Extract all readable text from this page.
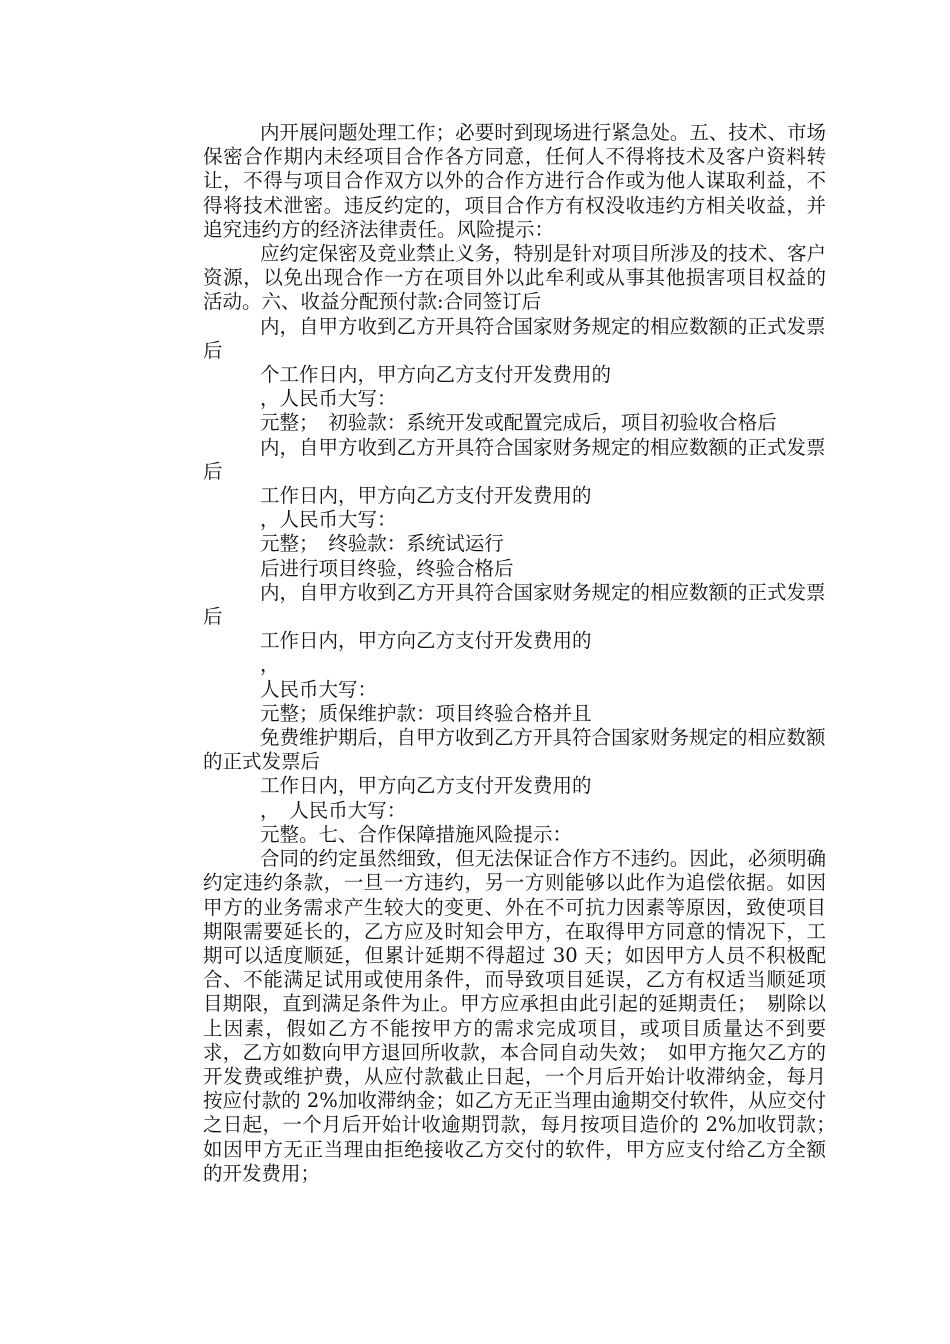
内开展问题处理工作；必要时到现场进行紧急处。五、技术、市场保密合作期内未经项目合作各方同意，任何人不得将技术及客户资料转让，不得与项目合作双方以外的合作方进行合作或为他人谋取利益，不得将技术泄密。违反约定的，项目合作方有权没收违约方相关收益，并追究违约方的经济法律责任。风险提示：

应约定保密及竞业禁止义务，特别是针对项目所涉及的技术、客户资源，以免出现合作一方在项目外以此牟利或从事其他损害项目权益的活动。六、收益分配预付款:合同签订后

内，自甲方收到乙方开具符合国家财务规定的相应数额的正式发票后

个工作日内，甲方向乙方支付开发费用的

，人民币大写：

元整；　初验款：系统开发或配置完成后，项目初验收合格后

内，自甲方收到乙方开具符合国家财务规定的相应数额的正式发票后

工作日内，甲方向乙方支付开发费用的

，人民币大写：

元整；　终验款：系统试运行

后进行项目终验，终验合格后

内，自甲方收到乙方开具符合国家财务规定的相应数额的正式发票后

工作日内，甲方向乙方支付开发费用的

，

人民币大写：

元整；质保维护款：项目终验合格并且

免费维护期后，自甲方收到乙方开具符合国家财务规定的相应数额的正式发票后

工作日内，甲方向乙方支付开发费用的

，　人民币大写：

元整。七、合作保障措施风险提示：

合同的约定虽然细致，但无法保证合作方不违约。因此，必须明确约定违约条款，一旦一方违约，另一方则能够以此作为追偿依据。如因甲方的业务需求产生较大的变更、外在不可抗力因素等原因，致使项目期限需要延长的，乙方应及时知会甲方，在取得甲方同意的情况下，工期可以适度顺延，但累计延期不得超过 30 天；如因甲方人员不积极配合、不能满足试用或使用条件，而导致项目延误，乙方有权适当顺延项目期限，直到满足条件为止。甲方应承担由此引起的延期责任；　剔除以上因素，假如乙方不能按甲方的需求完成项目，或项目质量达不到要求，乙方如数向甲方退回所收款，本合同自动失效；　如甲方拖欠乙方的开发费或维护费，从应付款截止日起，一个月后开始计收滞纳金，每月按应付款的 2%加收滞纳金；如乙方无正当理由逾期交付软件，从应交付之日起，一个月后开始计收逾期罚款，每月按项目造价的 2%加收罚款；　如因甲方无正当理由拒绝接收乙方交付的软件，甲方应支付给乙方全额的开发费用；
